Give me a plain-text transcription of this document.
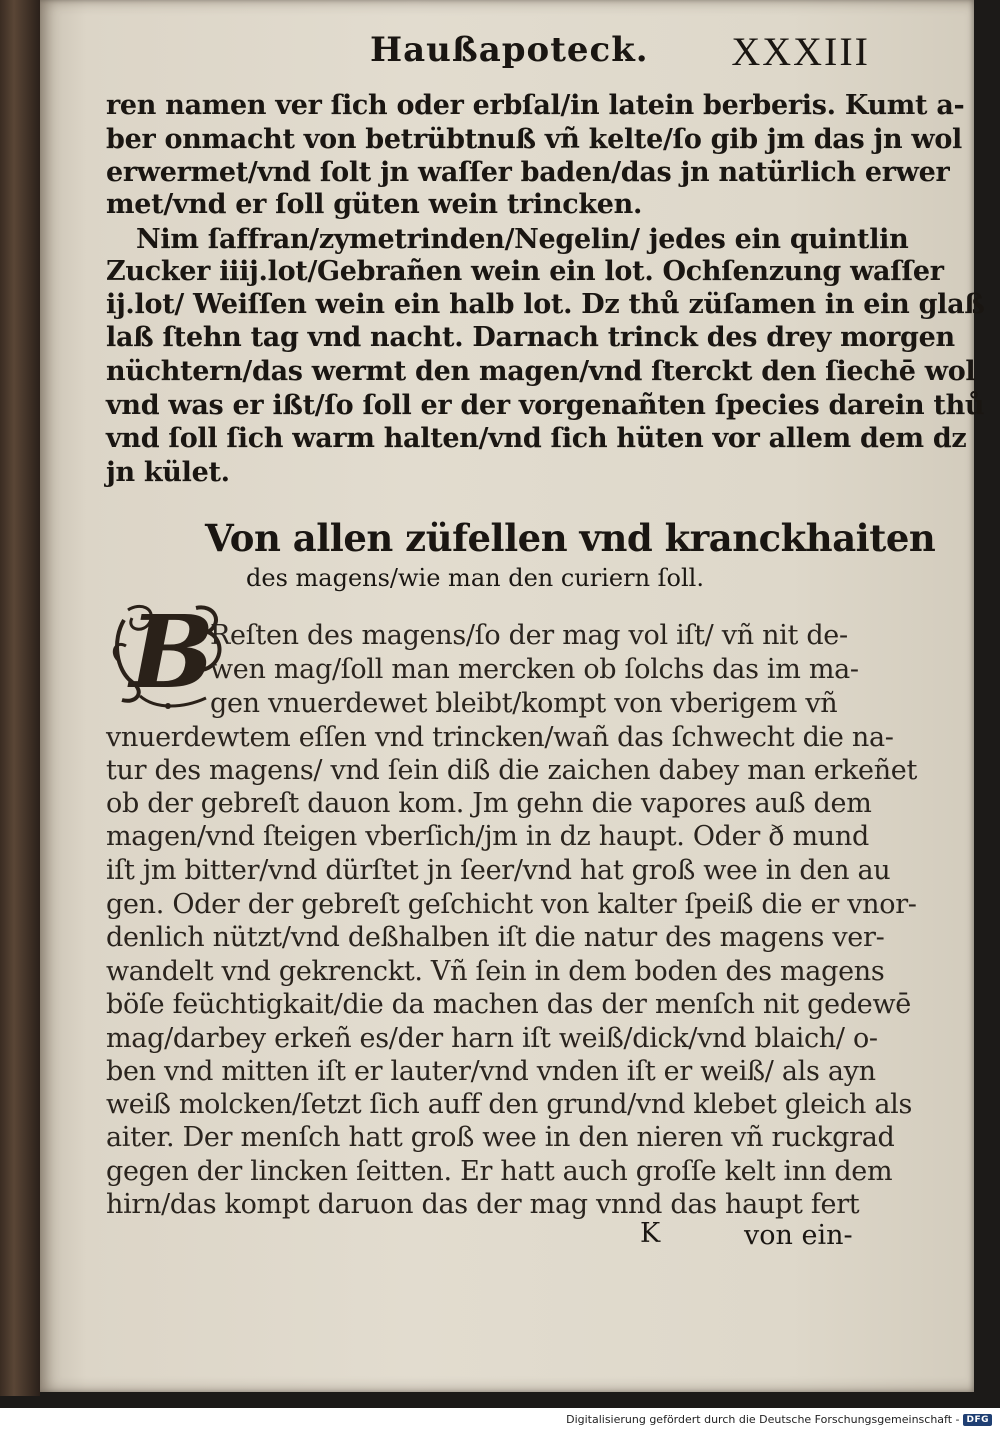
Haußapoteck. XXXIII
ren namen ver ſich oder erbſal/in latein berberis. Kumt a‑
ber onmacht von betrübtnuß vñ kelte/ſo gib jm das jn wol
erwermet/vnd ſolt jn waſſer baden/das jn natürlich erwer
met/vnd er ſoll güten wein trincken.
Nim ſaffran/zymetrinden/Negelin/ jedes ein quintlin
Zucker iiij.lot/Gebrañen wein ein lot. Ochſenzung waſſer
ij.lot/ Weiſſen wein ein halb lot. Dz thů züſamen in ein glaß
laß ſtehn tag vnd nacht. Darnach trinck des drey morgen
nüchtern/das wermt den magen/vnd ſterckt den ſiechē wol
vnd was er ißt/ſo ſoll er der vorgenañten ſpecies darein thů
vnd ſoll ſich warm halten/vnd ſich hüten vor allem dem dz
jn kület.
Von allen züfellen vnd kranckhaiten
des magens/wie man den curiern ſoll.
B
Reſten des magens/ſo der mag vol iſt/ vñ nit de‑
wen mag/ſoll man mercken ob ſolchs das im ma‑
gen vnuerdewet bleibt/kompt von vberigem vñ
vnuerdewtem eſſen vnd trincken/wañ das ſchwecht die na‑
tur des magens/ vnd ſein diß die zaichen dabey man erkeñet
ob der gebreſt dauon kom. Jm gehn die vapores auß dem
magen/vnd ſteigen vberſich/jm in dz haupt. Oder ð mund
iſt jm bitter/vnd dürſtet jn ſeer/vnd hat groß wee in den au
gen. Oder der gebreſt geſchicht von kalter ſpeiß die er vnor‑
denlich nützt/vnd deßhalben iſt die natur des magens ver‑
wandelt vnd gekrenckt. Vñ ſein in dem boden des magens
böſe feüchtigkait/die da machen das der menſch nit gedewē
mag/darbey erkeñ es/der harn iſt weiß/dick/vnd blaich/ o‑
ben vnd mitten iſt er lauter/vnd vnden iſt er weiß/ als ayn
weiß molcken/ſetzt ſich auff den grund/vnd klebet gleich als
aiter. Der menſch hatt groß wee in den nieren vñ ruckgrad
gegen der lincken ſeitten. Er hatt auch groſſe kelt inn dem
hirn/das kompt daruon das der mag vnnd das haupt fert
K	von ein‑
Digitalisierung gefördert durch die Deutsche Forschungsgemeinschaft - DFG
